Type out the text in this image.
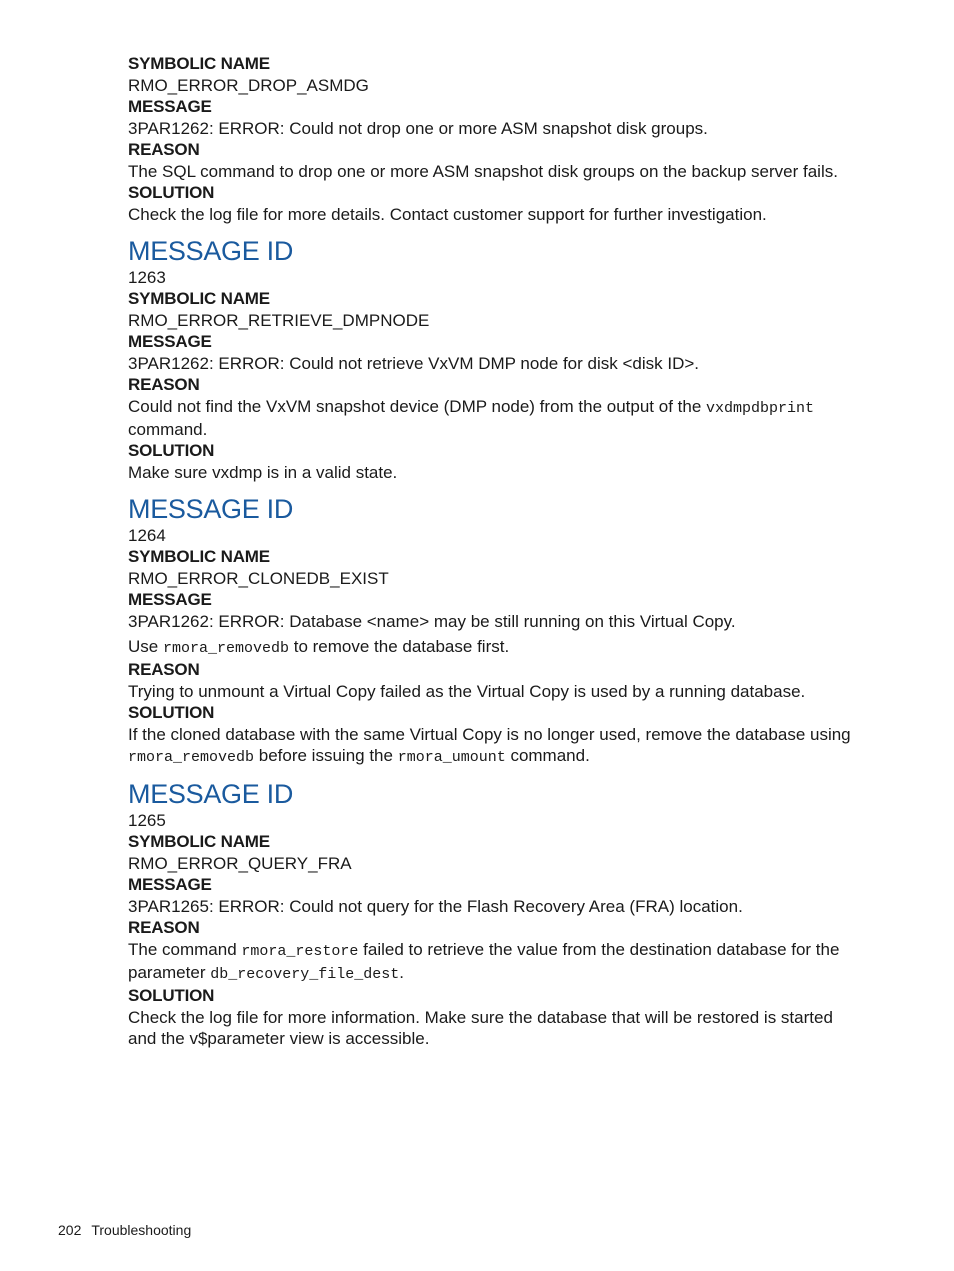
SYMBOLIC NAME

RMO_ERROR_DROP_ASMDG

MESSAGE

3PAR1262: ERROR: Could not drop one or more ASM snapshot disk groups.

REASON

The SQL command to drop one or more ASM snapshot disk groups on the backup server fails.

SOLUTION

Check the log file for more details. Contact customer support for further investigation.

MESSAGE ID

1263

SYMBOLIC NAME

RMO_ERROR_RETRIEVE_DMPNODE

MESSAGE

3PAR1262: ERROR: Could not retrieve VxVM DMP node for disk <disk ID>.

REASON

Could not find the VxVM snapshot device (DMP node) from the output of the vxdmpdbprint
command.

SOLUTION

Make sure vxdmp is in a valid state.

MESSAGE ID

1264

SYMBOLIC NAME

RMO_ERROR_CLONEDB_EXIST

MESSAGE

3PAR1262: ERROR: Database <name> may be still running on this Virtual Copy.

Use rmora_removedb to remove the database first.

REASON

Trying to unmount a Virtual Copy failed as the Virtual Copy is used by a running database.

SOLUTION

If the cloned database with the same Virtual Copy is no longer used, remove the database using
rmora_removedb before issuing the rmora_umount command.

MESSAGE ID

1265

SYMBOLIC NAME

RMO_ERROR_QUERY_FRA

MESSAGE

3PAR1265: ERROR: Could not query for the Flash Recovery Area (FRA) location.

REASON

The command rmora_restore failed to retrieve the value from the destination database for the
parameter db_recovery_file_dest.

SOLUTION

Check the log file for more information. Make sure the database that will be restored is started
and the v$parameter view is accessible.

202 Troubleshooting
